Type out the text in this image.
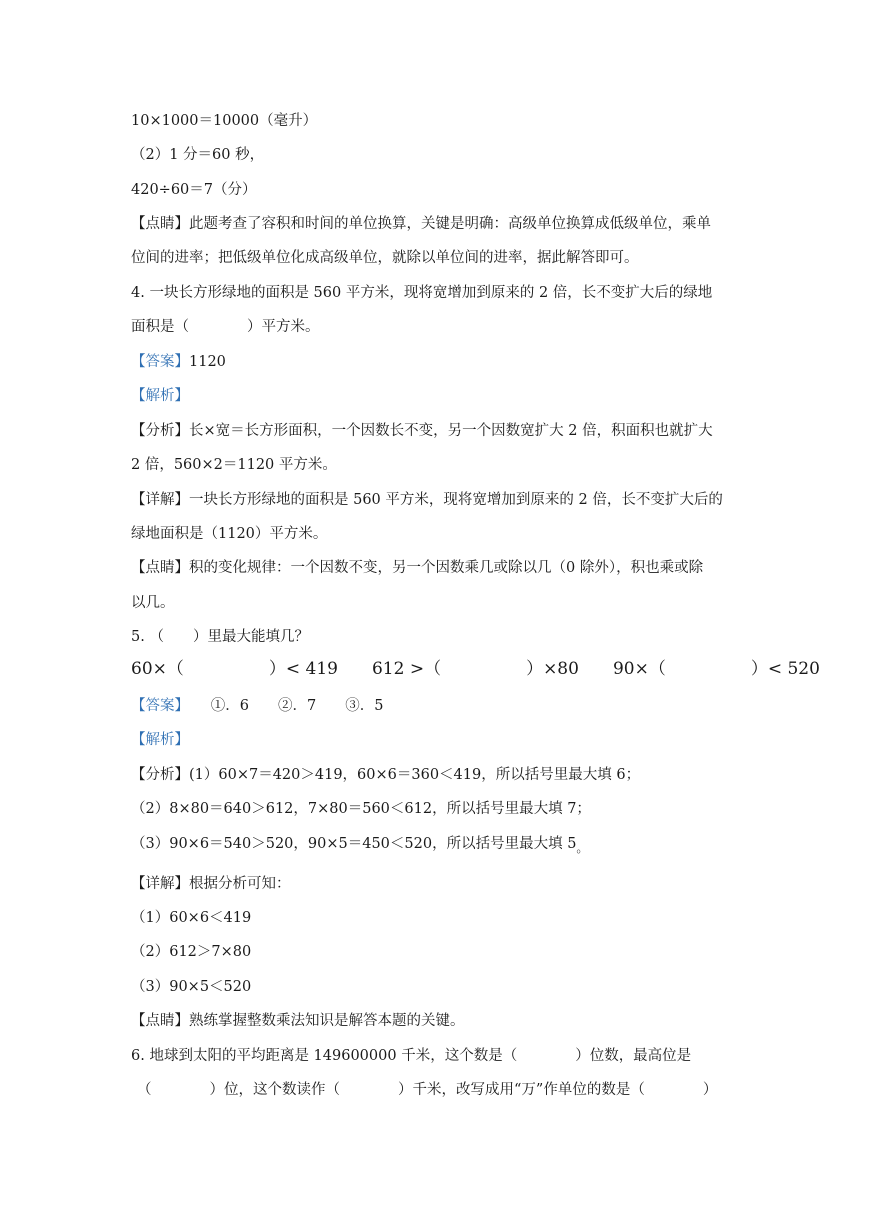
10×1000＝10000（毫升）
（2）1 分＝60 秒，
420÷60＝7（分）
【点睛】此题考查了容积和时间的单位换算，关键是明确：高级单位换算成低级单位，乘单
位间的进率；把低级单位化成高级单位，就除以单位间的进率，据此解答即可。
4. 一块长方形绿地的面积是 560 平方米，现将宽增加到原来的 2 倍，长不变扩大后的绿地
面积是（　　　　）平方米。
【答案】1120
【解析】
【分析】长×宽＝长方形面积，一个因数长不变，另一个因数宽扩大 2 倍，积面积也就扩大
2 倍，560×2＝1120 平方米。
【详解】一块长方形绿地的面积是 560 平方米，现将宽增加到原来的 2 倍，长不变扩大后的
绿地面积是（1120）平方米。
【点睛】积的变化规律：一个因数不变，另一个因数乘几或除以几（0 除外），积也乘或除
以几。
5. （　　）里最大能填几？
60×（　　　　　）< 419　　612 >（　　　　　）×80　　90×（　　　　　）< 520
【答案】　　①．6　　②．7　　③．5
【解析】
【分析】(1）60×7＝420＞419，60×6＝360＜419，所以括号里最大填 6；
（2）8×80＝640＞612，7×80＝560＜612，所以括号里最大填 7；
（3）90×6＝540＞520，90×5＝450＜520，所以括号里最大填 $5_。$
【详解】根据分析可知：
（1）60×6＜419
（2）612＞7×80
（3）90×5＜520
【点睛】熟练掌握整数乘法知识是解答本题的关键。
6. 地球到太阳的平均距离是 149600000 千米，这个数是（　　　　）位数，最高位是
（　　　　）位，这个数读作（　　　　）千米，改写成用“万”作单位的数是（　　　　）
